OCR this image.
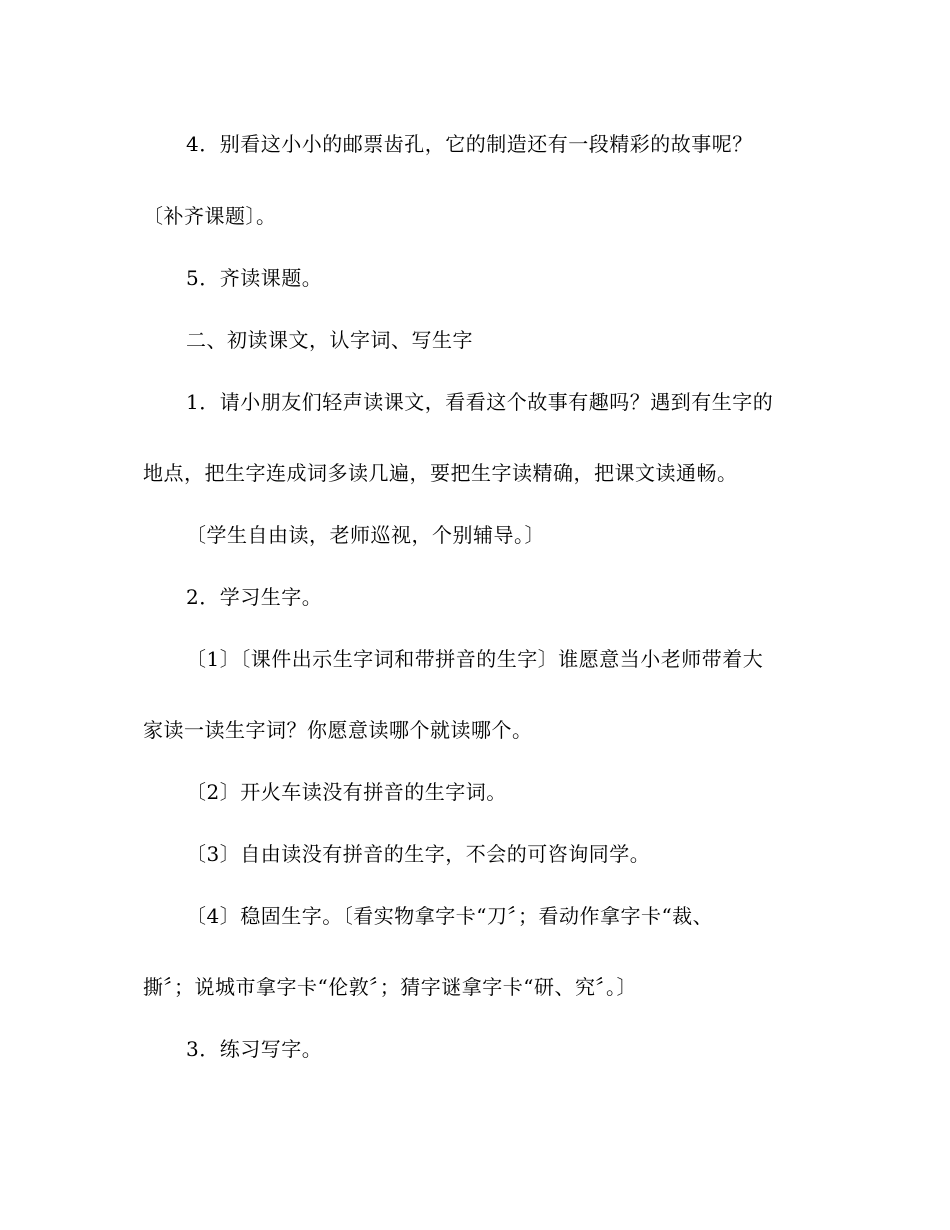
4．别看这小小的邮票齿孔，它的制造还有一段精彩的故事呢？
〔补齐课题〕。
5．齐读课题。
二、初读课文，认字词、写生字
1．请小朋友们轻声读课文，看看这个故事有趣吗？遇到有生字的
地点，把生字连成词多读几遍，要把生字读精确，把课文读通畅。
〔学生自由读，老师巡视，个别辅导。〕
2．学习生字。
〔1〕〔课件出示生字词和带拼音的生字〕谁愿意当小老师带着大
家读一读生字词？你愿意读哪个就读哪个。
〔2〕开火车读没有拼音的生字词。
〔3〕自由读没有拼音的生字，不会的可咨询同学。
〔4〕稳固生字。〔看实物拿字卡“刀〞；看动作拿字卡“裁、
撕〞；说城市拿字卡“伦敦〞；猜字谜拿字卡“研、究〞。〕
3．练习写字。
